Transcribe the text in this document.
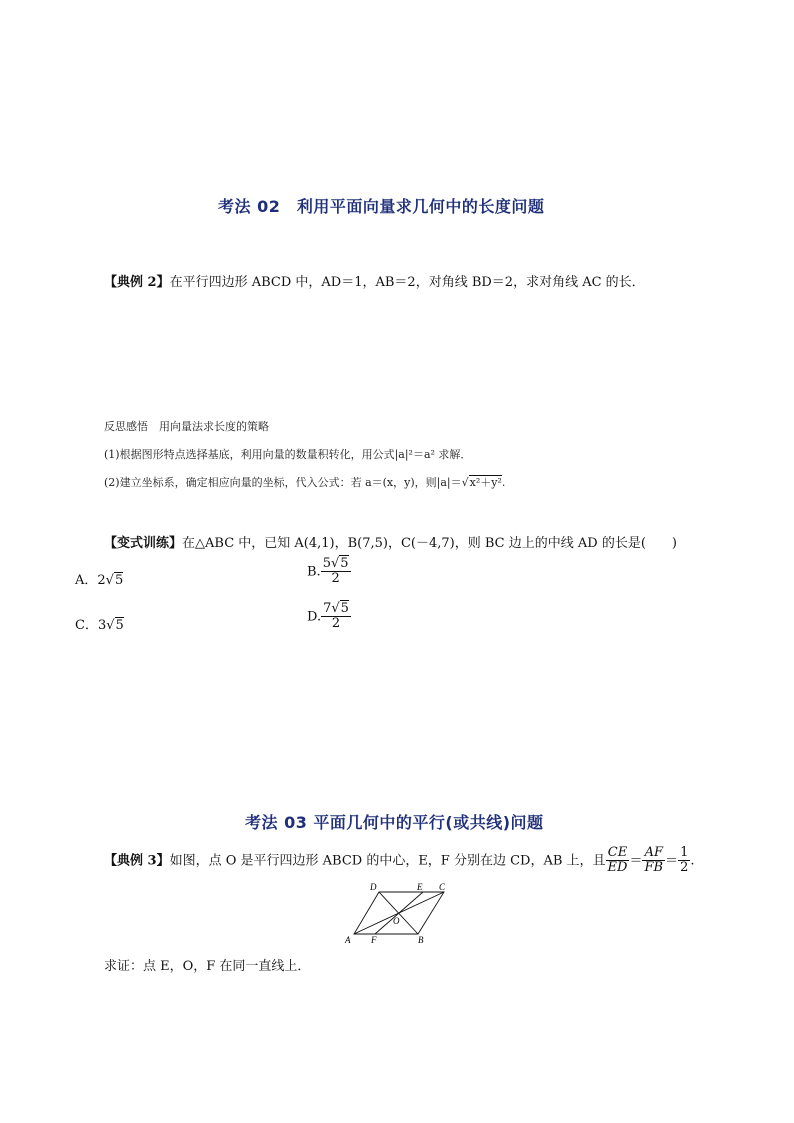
考法 02　利用平面向量求几何中的长度问题
【典例 2】在平行四边形 ABCD 中，AD＝1，AB＝2，对角线 BD＝2，求对角线 AC 的长．
反思感悟　用向量法求长度的策略
(1)根据图形特点选择基底，利用向量的数量积转化，用公式|a|²＝a² 求解．
(2)建立坐标系，确定相应向量的坐标，代入公式：若 a＝(x，y)，则|a|＝√x²＋y².
【变式训练】在△ABC 中，已知 A(4,1)，B(7,5)，C(－4,7)，则 BC 边上的中线 AD 的长是(　　)
A．2√5
B. $\frac{5√5}{2}$
C．3√5
D. $\frac{7√5}{2}$
考法 03 平面几何中的平行(或共线)问题
【典例 3】如图，点 O 是平行四边形 ABCD 的中心，E，F 分别在边 CD，AB 上，且 $\frac{CE}{ED} = \frac{AF}{FB} = \frac{1}{2}$ .
A	B
C
D	E
F
O
求证：点 E，O，F 在同一直线上．
